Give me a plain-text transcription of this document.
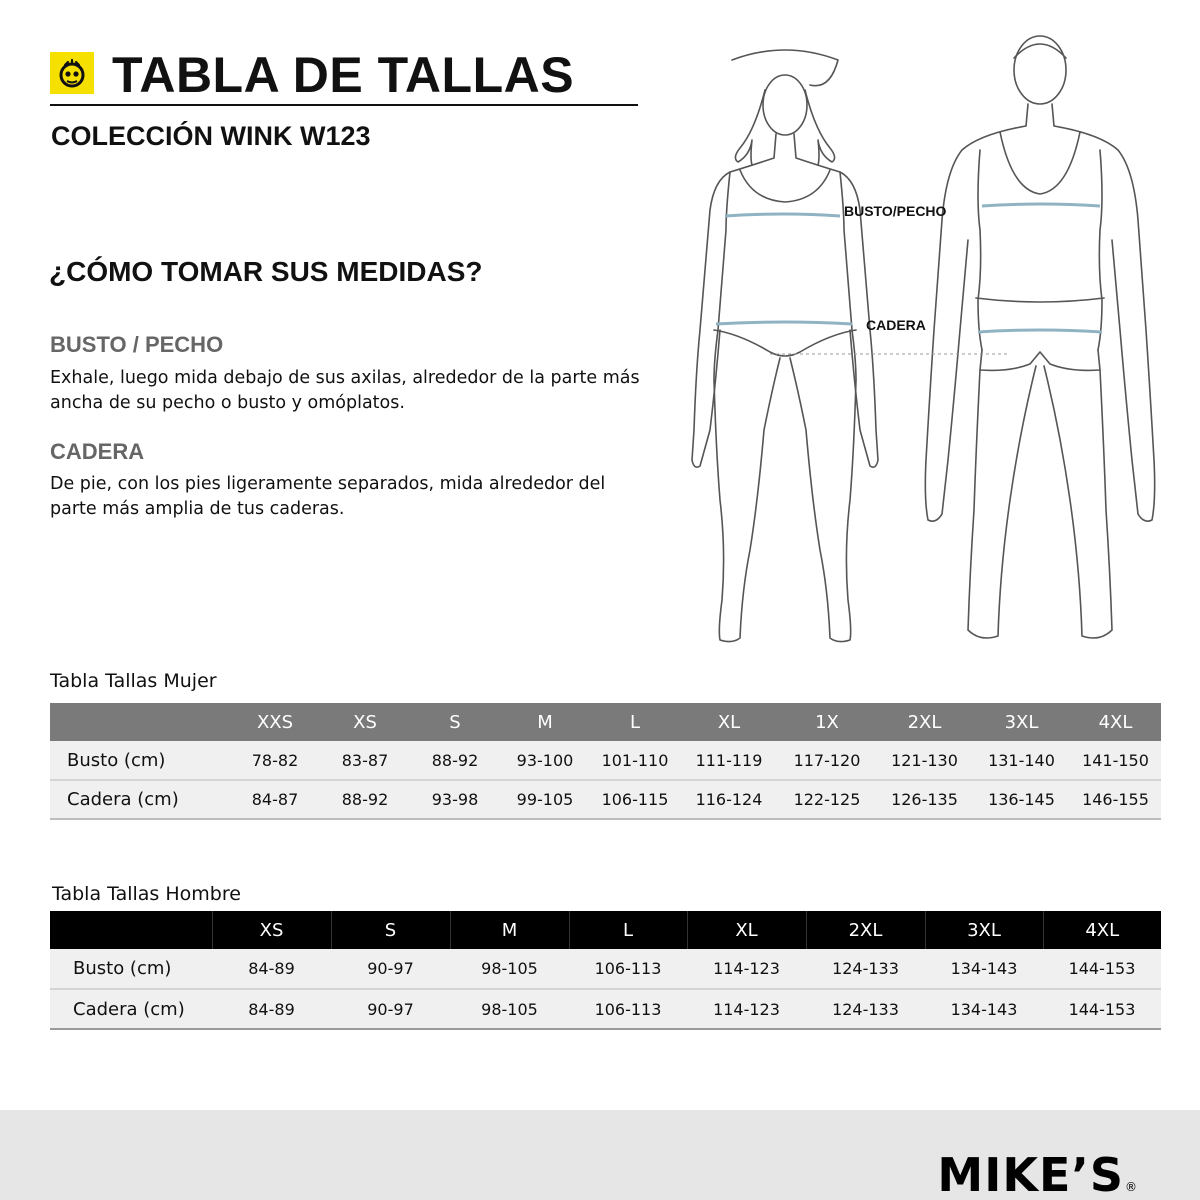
TABLA DE TALLAS
COLECCIÓN WINK W123
¿CÓMO TOMAR SUS MEDIDAS?
BUSTO / PECHO
Exhale, luego mida debajo de sus axilas, alrededor de la parte más ancha de su pecho o busto y omóplatos.
CADERA
De pie, con los pies ligeramente separados, mida alrededor del parte más amplia de tus caderas.
BUSTO/PECHO
CADERA
Tabla Tallas Mujer
	XXS	XS	S	M	L	XL	1X	2XL	3XL	4XL
Busto (cm)	78-82	83-87	88-92	93-100	101-110	111-119	117-120	121-130	131-140	141-150
Cadera (cm)	84-87	88-92	93-98	99-105	106-115	116-124	122-125	126-135	136-145	146-155
Tabla Tallas Hombre
	XS	S	M	L	XL	2XL	3XL	4XL
Busto (cm)	84-89	90-97	98-105	106-113	114-123	124-133	134-143	144-153
Cadera (cm)	84-89	90-97	98-105	106-113	114-123	124-133	134-143	144-153
MIKE’S®
